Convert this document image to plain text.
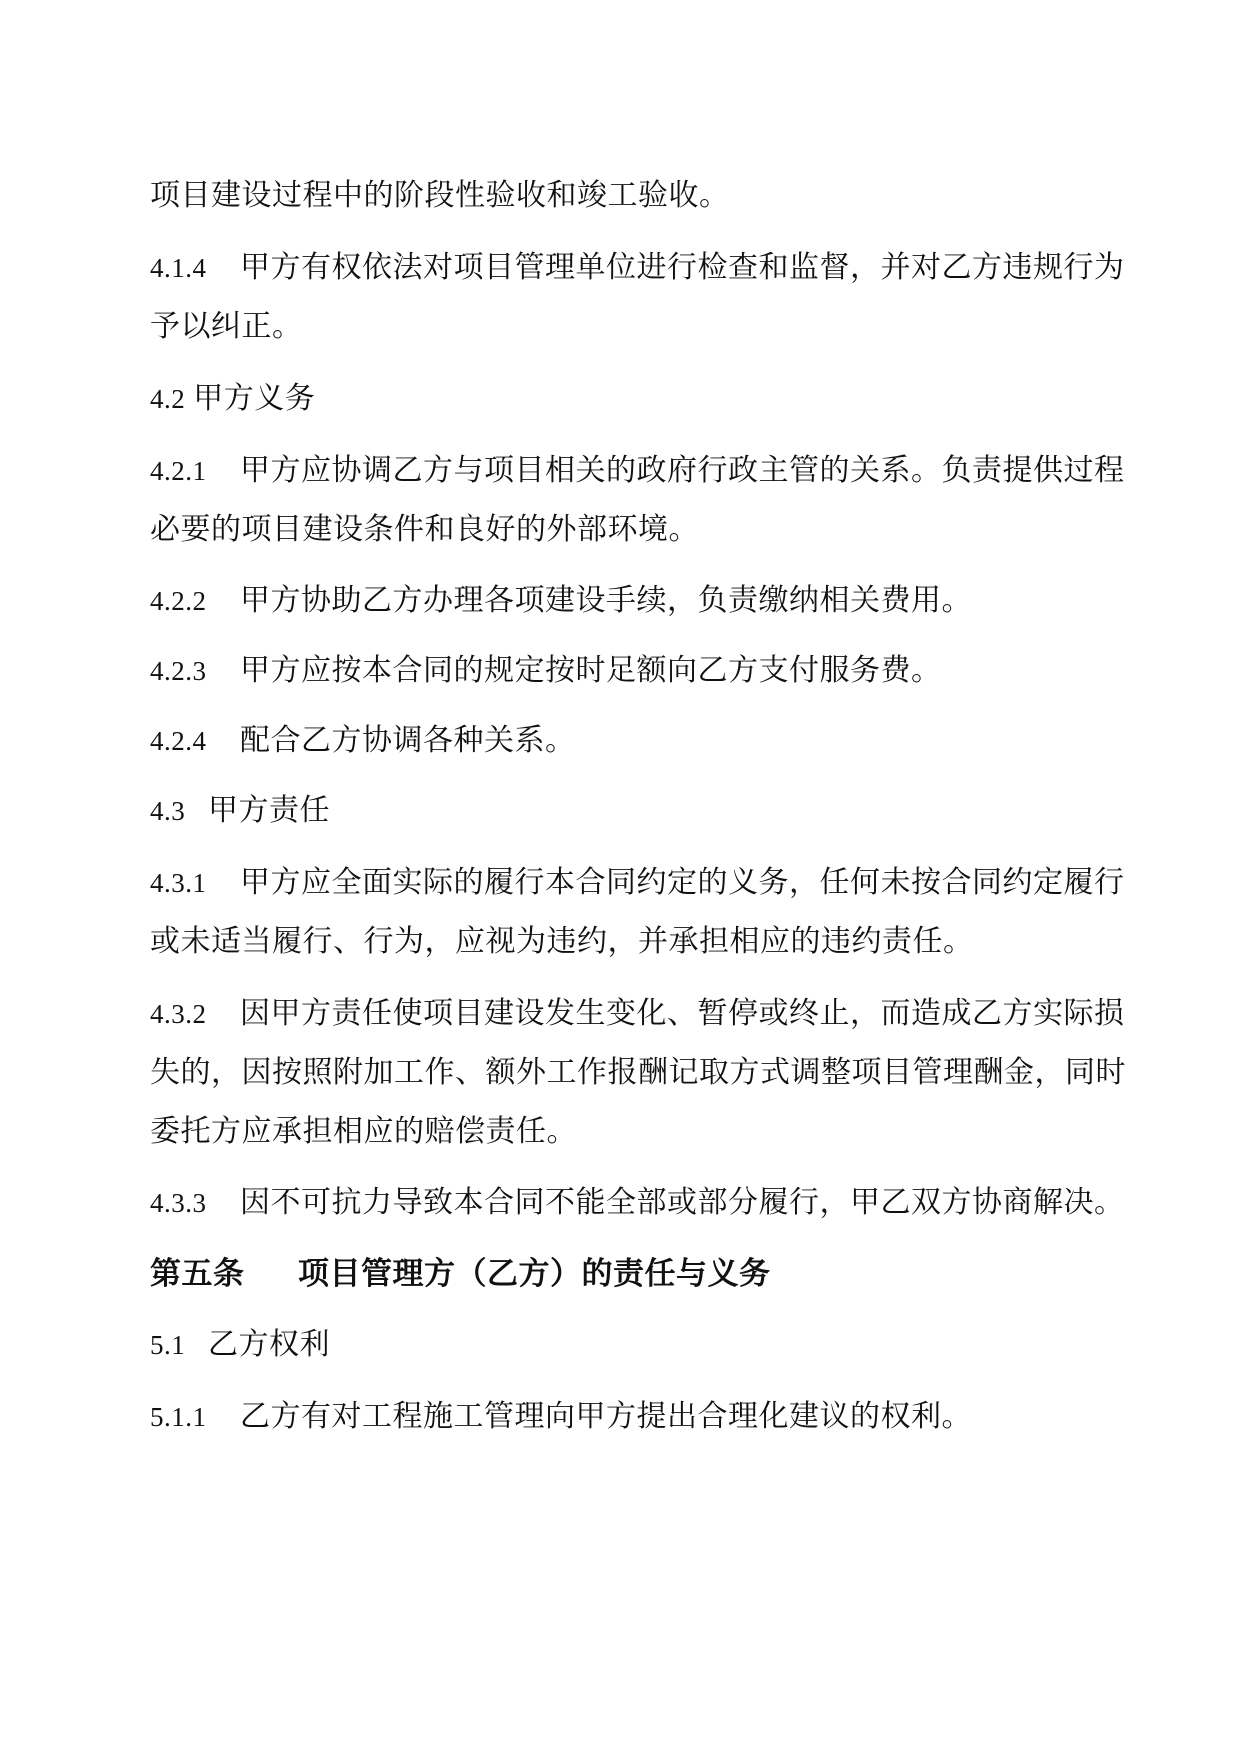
项目建设过程中的阶段性验收和竣工验收。
4.1.4 甲方有权依法对项目管理单位进行检查和监督，并对乙方违规行为
予以纠正。
4.2 甲方义务
4.2.1 甲方应协调乙方与项目相关的政府行政主管的关系。负责提供过程
必要的项目建设条件和良好的外部环境。
4.2.2 甲方协助乙方办理各项建设手续，负责缴纳相关费用。
4.2.3 甲方应按本合同的规定按时足额向乙方支付服务费。
4.2.4 配合乙方协调各种关系。
4.3 甲方责任
4.3.1 甲方应全面实际的履行本合同约定的义务，任何未按合同约定履行
或未适当履行、行为，应视为违约，并承担相应的违约责任。
4.3.2 因甲方责任使项目建设发生变化、暂停或终止，而造成乙方实际损
失的，因按照附加工作、额外工作报酬记取方式调整项目管理酬金，同时
委托方应承担相应的赔偿责任。
4.3.3 因不可抗力导致本合同不能全部或部分履行，甲乙双方协商解决。
第五条 项目管理方（乙方）的责任与义务
5.1 乙方权利
5.1.1 乙方有对工程施工管理向甲方提出合理化建议的权利。
